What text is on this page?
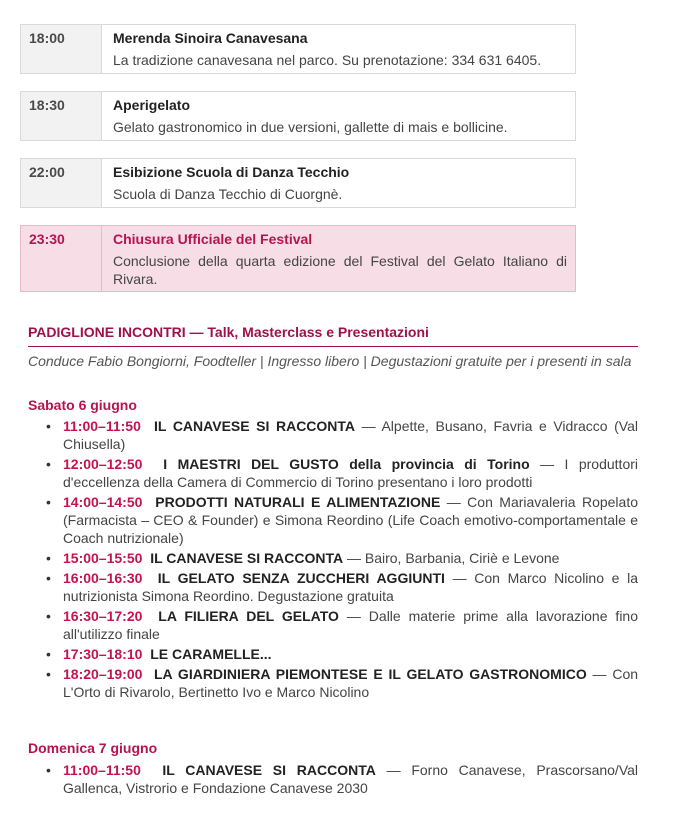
18:00	Merenda Sinoira Canavesana
La tradizione canavesana nel parco. Su prenotazione: 334 631 6405.
18:30	Aperigelato
Gelato gastronomico in due versioni, gallette di mais e bollicine.
22:00	Esibizione Scuola di Danza Tecchio
Scuola di Danza Tecchio di Cuorgnè.
23:30	Chiusura Ufficiale del Festival
Conclusione della quarta edizione del Festival del Gelato Italiano di Rivara.
PADIGLIONE INCONTRI — Talk, Masterclass e Presentazioni
Conduce Fabio Bongiorni, Foodteller | Ingresso libero | Degustazioni gratuite per i presenti in sala
Sabato 6 giugno
• 11:00–11:50 IL CANAVESE SI RACCONTA — Alpette, Busano, Favria e Vidracco (Val Chiusella)
• 12:00–12:50 I MAESTRI DEL GUSTO della provincia di Torino — I produttori d'eccellenza della Camera di Commercio di Torino presentano i loro prodotti
• 14:00–14:50 PRODOTTI NATURALI E ALIMENTAZIONE — Con Mariavaleria Ropelato (Farmacista – CEO & Founder) e Simona Reordino (Life Coach emotivo-comportamentale e Coach nutrizionale)
• 15:00–15:50 IL CANAVESE SI RACCONTA — Bairo, Barbania, Ciriè e Levone
• 16:00–16:30 IL GELATO SENZA ZUCCHERI AGGIUNTI — Con Marco Nicolino e la nutrizionista Simona Reordino. Degustazione gratuita
• 16:30–17:20 LA FILIERA DEL GELATO — Dalle materie prime alla lavorazione fino all'utilizzo finale
• 17:30–18:10 LE CARAMELLE...
• 18:20–19:00 LA GIARDINIERA PIEMONTESE E IL GELATO GASTRONOMICO — Con L'Orto di Rivarolo, Bertinetto Ivo e Marco Nicolino
Domenica 7 giugno
• 11:00–11:50 IL CANAVESE SI RACCONTA — Forno Canavese, Prascorsano/Val Gallenca, Vistrorio e Fondazione Canavese 2030
